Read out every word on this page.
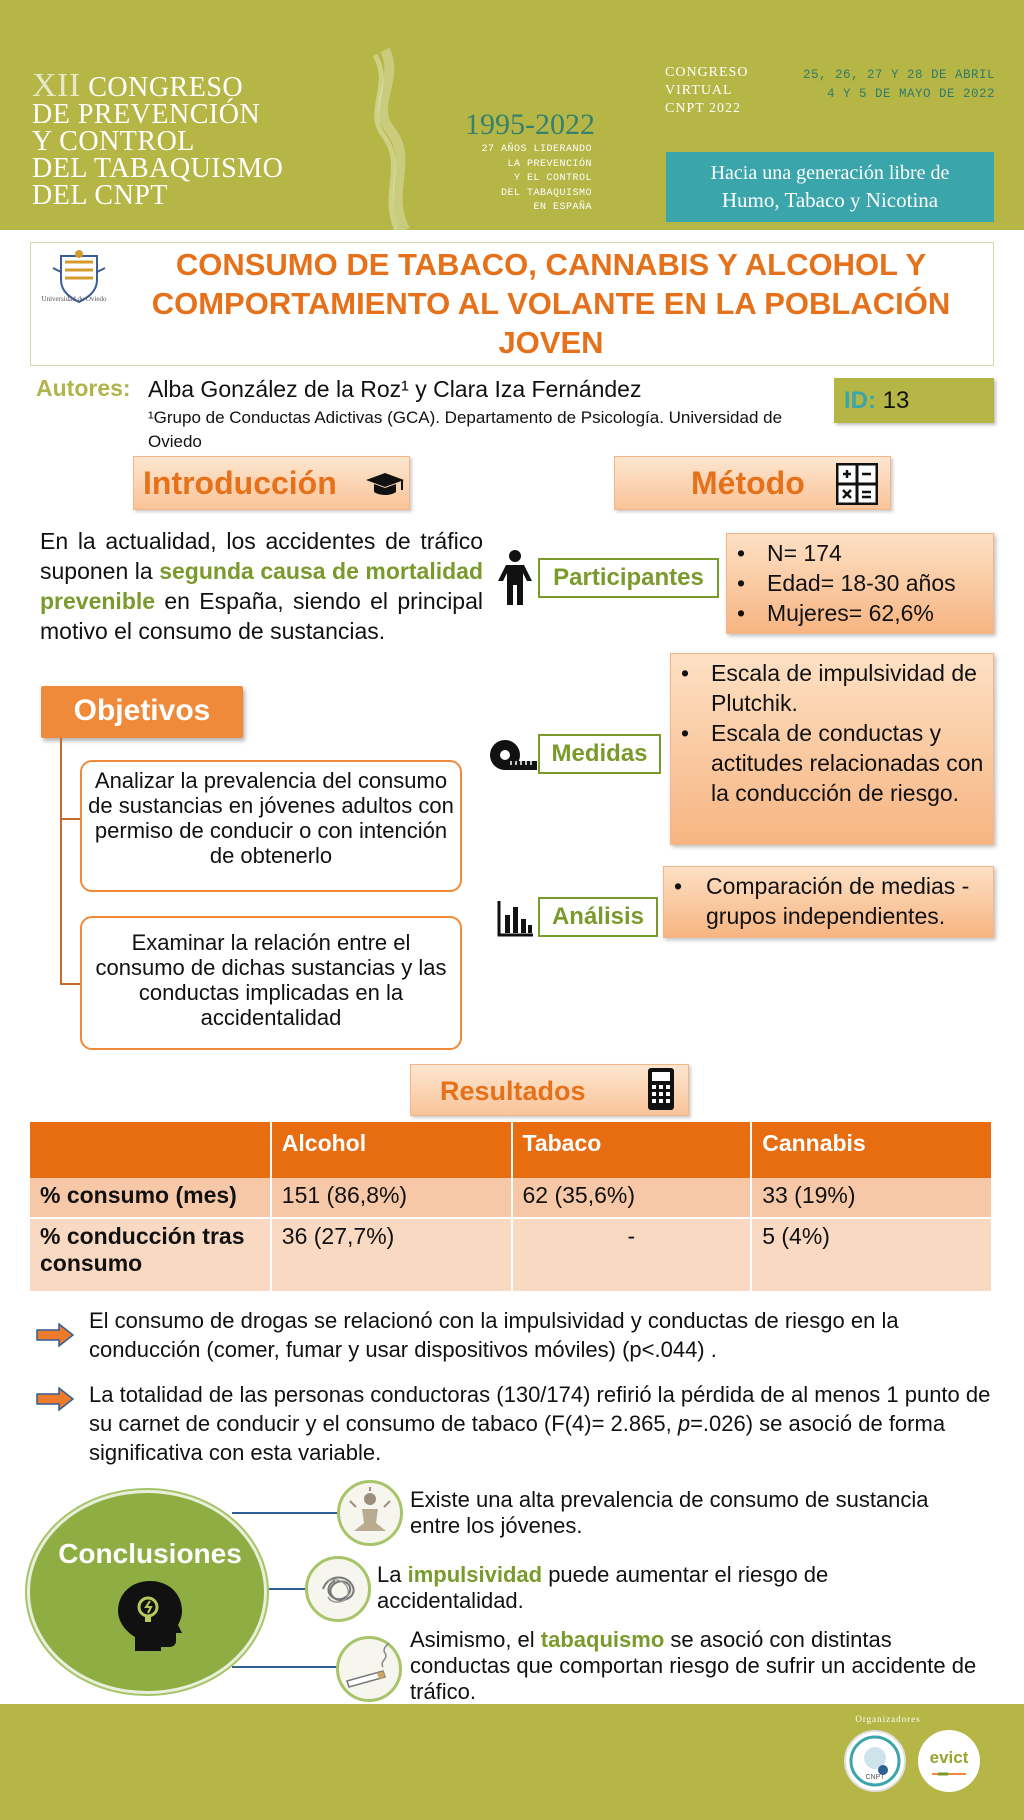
XII CONGRESO
DE PREVENCIÓN
Y CONTROL
DEL TABAQUISMO
DEL CNPT
1995-2022
27 AÑOS LIDERANDO
LA PREVENCIÓN
Y EL CONTROL
DEL TABAQUISMO
EN ESPAÑA
CONGRESO
VIRTUAL
CNPT 2022
25, 26, 27 Y 28 DE ABRIL
4 Y 5 DE MAYO DE 2022
Hacia una generación libre de
Humo, Tabaco y Nicotina
Universidad de Oviedo
CONSUMO DE TABACO, CANNABIS Y ALCOHOL Y COMPORTAMIENTO AL VOLANTE EN LA POBLACIÓN JOVEN
Autores: Alba González de la Roz¹ y Clara Iza Fernández
¹Grupo de Conductas Adictivas (GCA). Departamento de Psicología. Universidad de Oviedo
ID: 13
Introducción
En la actualidad, los accidentes de tráfico suponen la segunda causa de mortalidad prevenible en España, siendo el principal motivo el consumo de sustancias.
Objetivos
Analizar la prevalencia del consumo de sustancias en jóvenes adultos con permiso de conducir o con intención de obtenerlo
Examinar la relación entre el consumo de dichas sustancias y las conductas implicadas en la accidentalidad
Método
Participantes
• N= 174
• Edad= 18-30 años
• Mujeres= 62,6%
Medidas
• Escala de impulsividad de Plutchik.
• Escala de conductas y actitudes relacionadas con la conducción de riesgo.
Análisis
• Comparación de medias - grupos independientes.
Resultados
	Alcohol	Tabaco	Cannabis
% consumo (mes)	151 (86,8%)	62 (35,6%)	33 (19%)
% conducción tras consumo	36 (27,7%)	-	5 (4%)
El consumo de drogas se relacionó con la impulsividad y conductas de riesgo en la conducción (comer, fumar y usar dispositivos móviles) (p<.044) .
La totalidad de las personas conductoras (130/174) refirió la pérdida de al menos 1 punto de su carnet de conducir y el consumo de tabaco (F(4)= 2.865, p=.026) se asoció de forma significativa con esta variable.
Conclusiones
Existe una alta prevalencia de consumo de sustancia entre los jóvenes.
La impulsividad puede aumentar el riesgo de accidentalidad.
Asimismo, el tabaquismo se asoció con distintas conductas que comportan riesgo de sufrir un accidente de tráfico.
Organizadores
CNPT
evict
